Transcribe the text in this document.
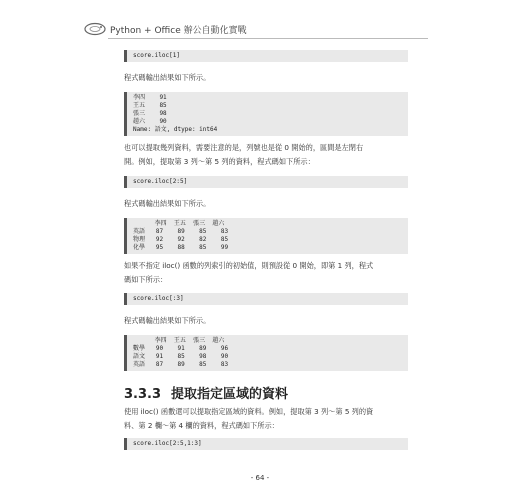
Python + Office 辦公自動化實戰
score.iloc[1]
程式碼輸出結果如下所示。
李四    91
王五    85
張三    98
趙六    90
Name: 語文, dtype: int64
也可以提取幾列資料，需要注意的是，列號也是從 0 開始的，區間是左閉右
開。例如，提取第 3 列～第 5 列的資料，程式碼如下所示：
score.iloc[2:5]
程式碼輸出結果如下所示。
李四  王五  張三  趙六
英語   87    89    85    83
物理   92    92    82    85
化學   95    88    85    99
如果不指定 iloc() 函數的列索引的初始值，則預設從 0 開始，即第 1 列，程式
碼如下所示：
score.iloc[:3]
程式碼輸出結果如下所示。
李四  王五  張三  趙六
數學   90    91    89    96
語文   91    85    98    90
英語   87    89    85    83
3.3.3 提取指定區域的資料
使用 iloc() 函數還可以提取指定區域的資料。例如，提取第 3 列～第 5 列的資
料、第 2 欄～第 4 欄的資料，程式碼如下所示：
score.iloc[2:5,1:3]
- 64 -
